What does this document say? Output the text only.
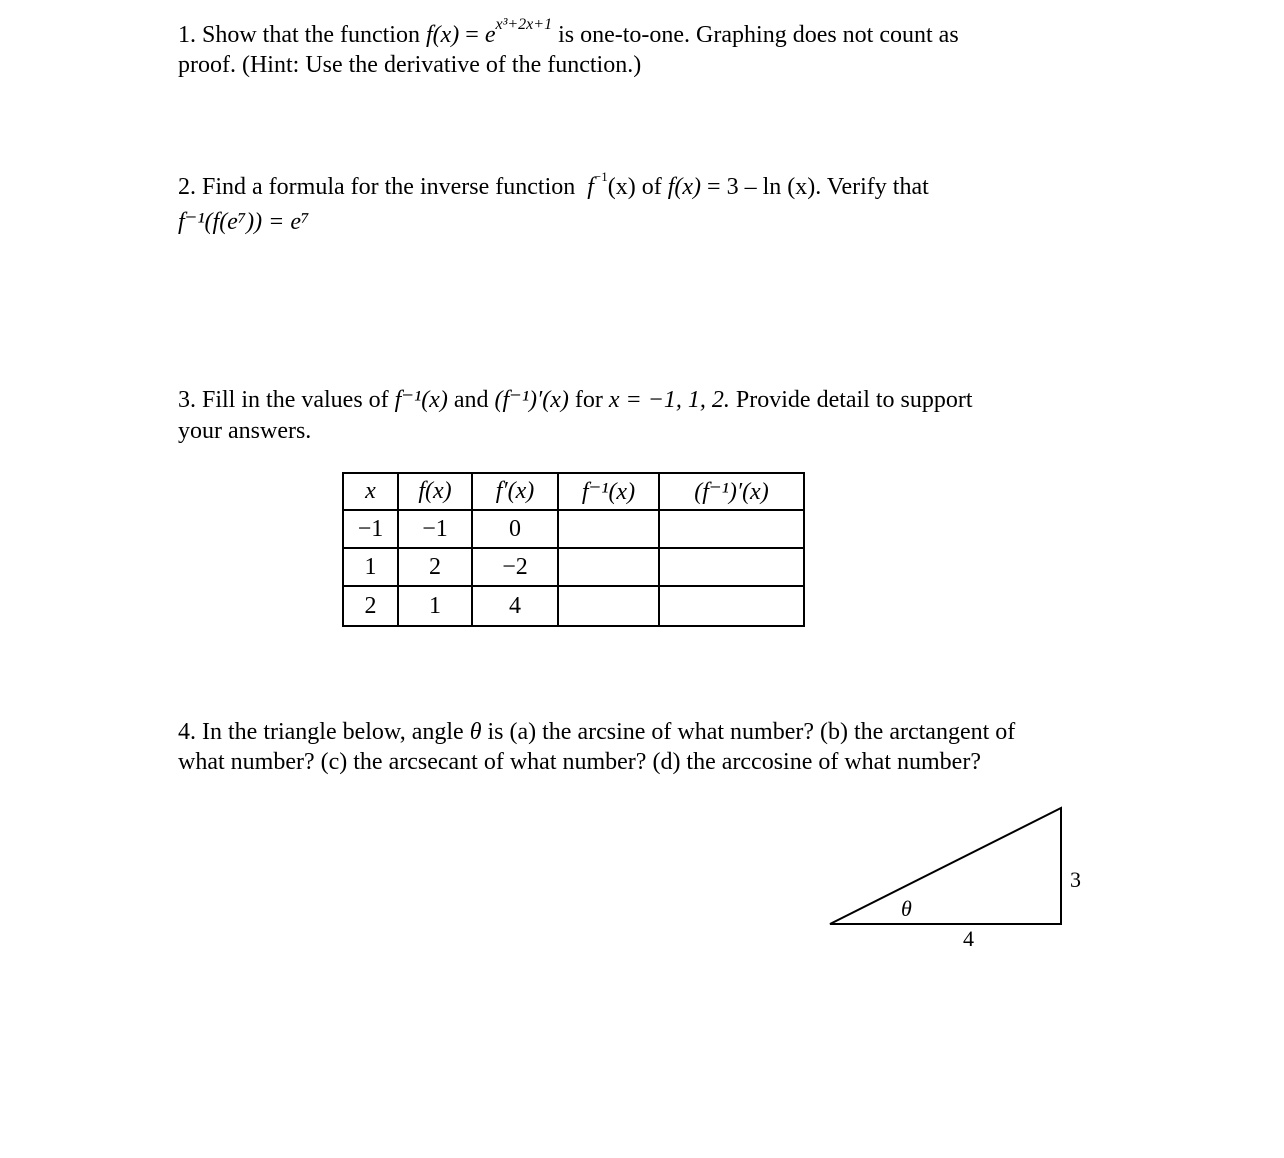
1. Show that the function $f(x) = e^{x^3+2x+1}$ is one-to-one. Graphing does not count as
proof. (Hint: Use the derivative of the function.)
2. Find a formula for the inverse function $f^{-1}(x)$ of f(x) = 3 – ln (x). Verify that
f⁻¹(f(e⁷)) = e⁷
3. Fill in the values of f⁻¹(x) and (f⁻¹)′(x) for x = −1, 1, 2. Provide detail to support
your answers.
x	f(x)	f′(x)	f⁻¹(x)	(f⁻¹)′(x)
−1	−1	0		
1	2	−2		
2	1	4		
4. In the triangle below, angle θ is (a) the arcsine of what number? (b) the arctangent of
what number? (c) the arcsecant of what number? (d) the arccosine of what number?
θ
4
3
